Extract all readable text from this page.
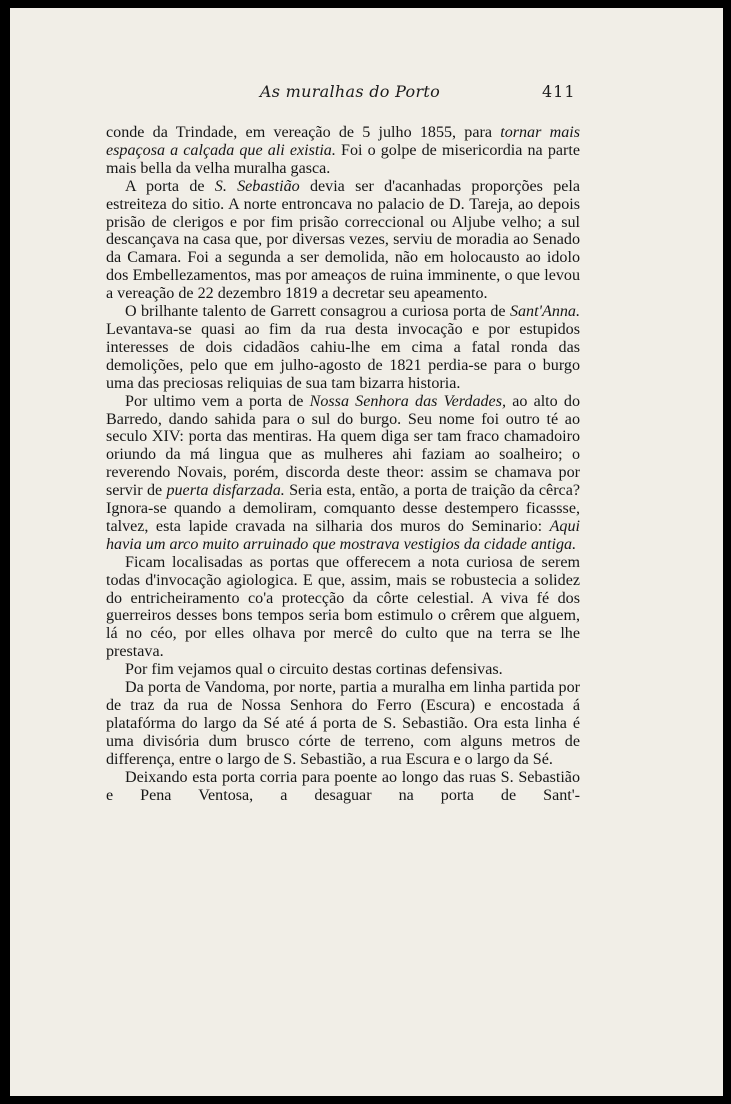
As muralhas do Porto	411

conde da Trindade, em vereação de 5 julho 1855, para tornar mais espaçosa a calçada que ali existia. Foi o golpe de misericordia na parte mais bella da velha muralha gasca.

A porta de S. Sebastião devia ser d'acanhadas proporções pela estreiteza do sitio. A norte entroncava no palacio de D. Tareja, ao depois prisão de clerigos e por fim prisão correccional ou Aljube velho; a sul descançava na casa que, por diversas vezes, serviu de moradia ao Senado da Camara. Foi a segunda a ser demolida, não em holocausto ao idolo dos Embellezamentos, mas por ameaços de ruina imminente, o que levou a vereação de 22 dezembro 1819 a decretar seu apeamento.

O brilhante talento de Garrett consagrou a curiosa porta de Sant'Anna. Levantava-se quasi ao fim da rua desta invocação e por estupidos interesses de dois cidadãos cahiu-lhe em cima a fatal ronda das demolições, pelo que em julho-agosto de 1821 perdia-se para o burgo uma das preciosas reliquias de sua tam bizarra historia.

Por ultimo vem a porta de Nossa Senhora das Verdades, ao alto do Barredo, dando sahida para o sul do burgo. Seu nome foi outro té ao seculo XIV: porta das mentiras. Ha quem diga ser tam fraco chamadoiro oriundo da má lingua que as mulheres ahi faziam ao soalheiro; o reverendo Novais, porém, discorda deste theor: assim se chamava por servir de puerta disfarzada. Seria esta, então, a porta de traição da cêrca? Ignora-se quando a demoliram, comquanto desse destempero ficassse, talvez, esta lapide cravada na silharia dos muros do Seminario: Aqui havia um arco muito arruinado que mostrava vestigios da cidade antiga.

Ficam localisadas as portas que offerecem a nota curiosa de serem todas d'invocação agiologica. E que, assim, mais se robustecia a solidez do entricheiramento co'a protecção da côrte celestial. A viva fé dos guerreiros desses bons tempos seria bom estimulo o crêrem que alguem, lá no céo, por elles olhava por mercê do culto que na terra se lhe prestava.

Por fim vejamos qual o circuito destas cortinas defensivas.

Da porta de Vandoma, por norte, partia a muralha em linha partida por de traz da rua de Nossa Senhora do Ferro (Escura) e encostada á platafórma do largo da Sé até á porta de S. Sebastião. Ora esta linha é uma divisória dum brusco córte de terreno, com alguns metros de differença, entre o largo de S. Sebastião, a rua Escura e o largo da Sé.

Deixando esta porta corria para poente ao longo das ruas S. Sebastião e Pena Ventosa, a desaguar na porta de Sant'-
